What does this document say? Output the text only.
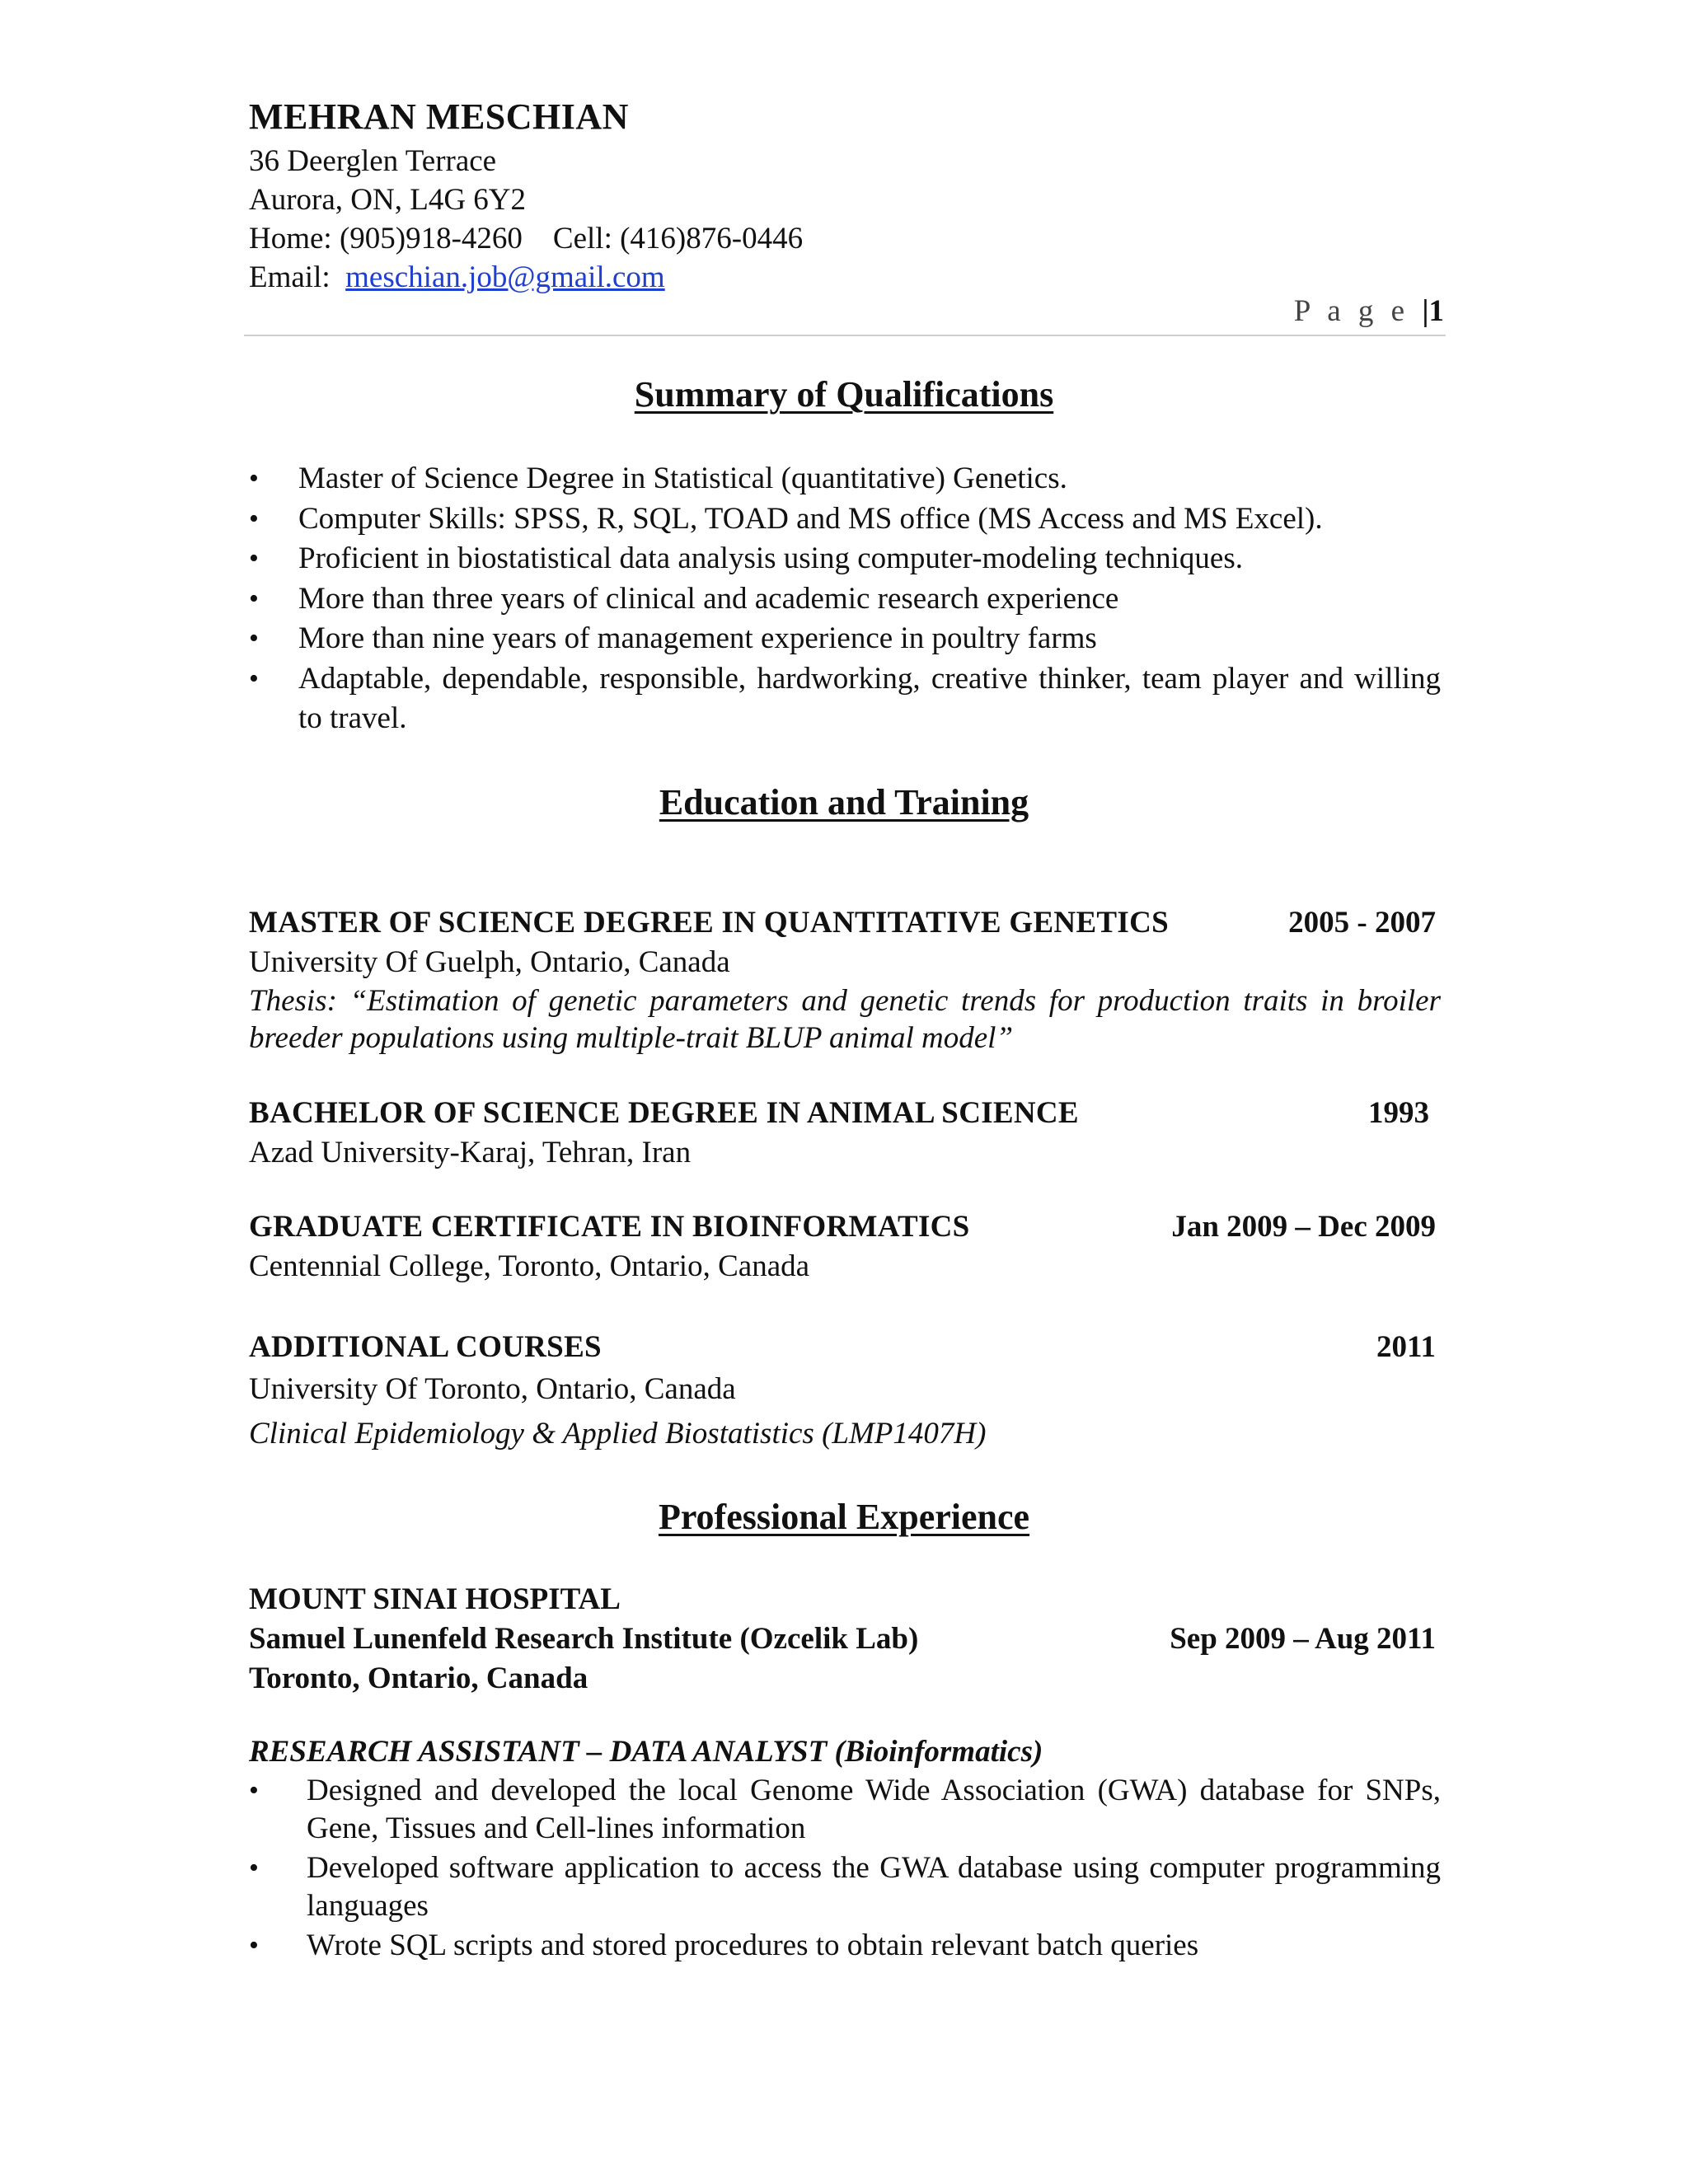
MEHRAN MESCHIAN
36 Deerglen Terrace
Aurora, ON, L4G 6Y2
Home: (905)918-4260    Cell: (416)876-0446
Email: meschian.job@gmail.com
P a g e |1
Summary of Qualifications
• Master of Science Degree in Statistical (quantitative) Genetics.
• Computer Skills: SPSS, R, SQL, TOAD and MS office (MS Access and MS Excel).
• Proficient in biostatistical data analysis using computer-modeling techniques.
• More than three years of clinical and academic research experience
• More than nine years of management experience in poultry farms
• Adaptable, dependable, responsible, hardworking, creative thinker, team player and willing to travel.
Education and Training
MASTER OF SCIENCE DEGREE IN QUANTITATIVE GENETICS	2005 - 2007
University Of Guelph, Ontario, Canada
Thesis: “Estimation of genetic parameters and genetic trends for production traits in broiler breeder populations using multiple-trait BLUP animal model”
BACHELOR OF SCIENCE DEGREE IN ANIMAL SCIENCE	1993
Azad University-Karaj, Tehran, Iran
GRADUATE CERTIFICATE IN BIOINFORMATICS	Jan 2009 – Dec 2009
Centennial College, Toronto, Ontario, Canada
ADDITIONAL COURSES	2011
University Of Toronto, Ontario, Canada
Clinical Epidemiology & Applied Biostatistics (LMP1407H)
Professional Experience
MOUNT SINAI HOSPITAL
Samuel Lunenfeld Research Institute (Ozcelik Lab)	Sep 2009 – Aug 2011
Toronto, Ontario, Canada
RESEARCH ASSISTANT – DATA ANALYST (Bioinformatics)
• Designed and developed the local Genome Wide Association (GWA) database for SNPs, Gene, Tissues and Cell-lines information
• Developed software application to access the GWA database using computer programming languages
• Wrote SQL scripts and stored procedures to obtain relevant batch queries
